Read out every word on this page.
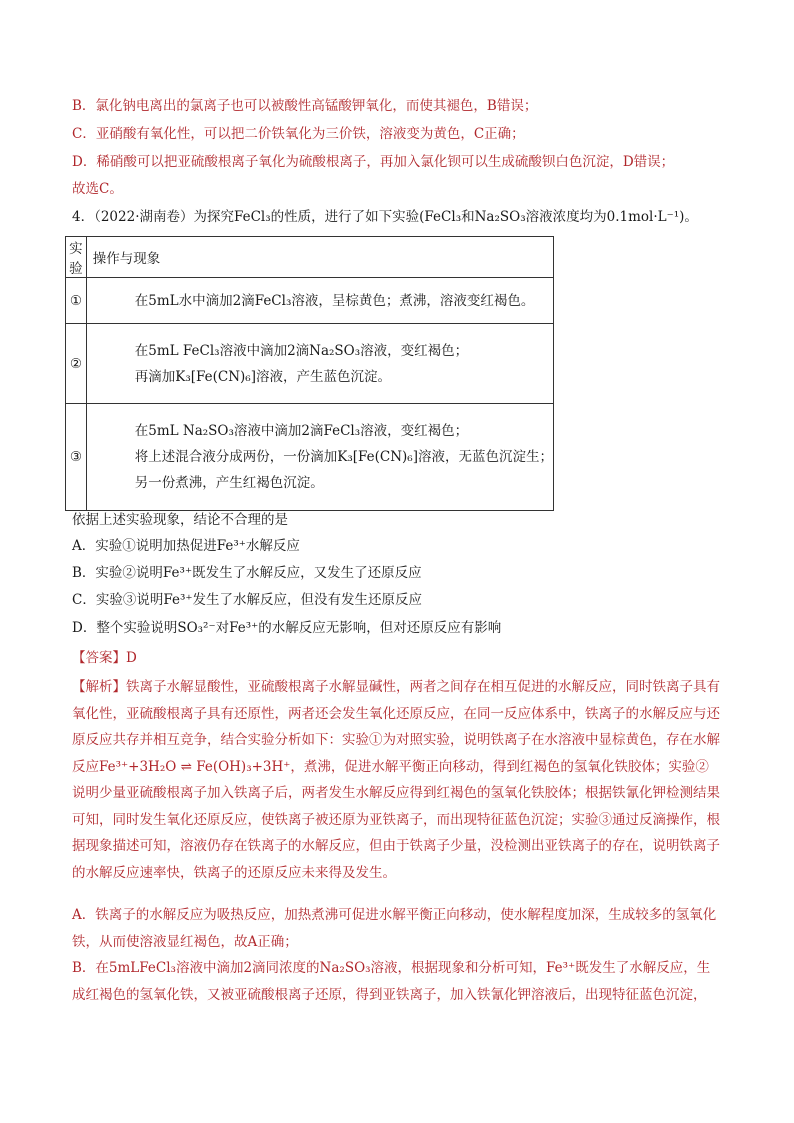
B．氯化钠电离出的氯离子也可以被酸性高锰酸钾氧化，而使其褪色，B错误；
C．亚硝酸有氧化性，可以把二价铁氧化为三价铁，溶液变为黄色，C正确；
D．稀硝酸可以把亚硫酸根离子氧化为硫酸根离子，再加入氯化钡可以生成硫酸钡白色沉淀，D错误；
故选C。
4．（2022·湖南卷）为探究FeCl₃的性质，进行了如下实验(FeCl₃和Na₂SO₃溶液浓度均为0.1mol·L⁻¹)。
实验	操作与现象
①	在5mL水中滴加2滴FeCl₃溶液，呈棕黄色；煮沸，溶液变红褐色。

②	在5mL FeCl₃溶液中滴加2滴Na₂SO₃溶液，变红褐色；
再滴加K₃[Fe(CN)₆]溶液，产生蓝色沉淀。

③	在5mL Na₂SO₃溶液中滴加2滴FeCl₃溶液，变红褐色；
将上述混合液分成两份，一份滴加K₃[Fe(CN)₆]溶液，无蓝色沉淀生；
另一份煮沸，产生红褐色沉淀。
依据上述实验现象，结论不合理的是
A．实验①说明加热促进Fe³⁺水解反应
B．实验②说明Fe³⁺既发生了水解反应，又发生了还原反应
C．实验③说明Fe³⁺发生了水解反应，但没有发生还原反应
D．整个实验说明SO₃²⁻对Fe³⁺的水解反应无影响，但对还原反应有影响
【答案】D
【解析】铁离子水解显酸性，亚硫酸根离子水解显碱性，两者之间存在相互促进的水解反应，同时铁离子具有氧化性，亚硫酸根离子具有还原性，两者还会发生氧化还原反应，在同一反应体系中，铁离子的水解反应与还原反应共存并相互竞争，结合实验分析如下：实验①为对照实验，说明铁离子在水溶液中显棕黄色，存在水解反应Fe³⁺+3H₂O ⇌ Fe(OH)₃+3H⁺，煮沸，促进水解平衡正向移动，得到红褐色的氢氧化铁胶体；实验②说明少量亚硫酸根离子加入铁离子后，两者发生水解反应得到红褐色的氢氧化铁胶体；根据铁氰化钾检测结果可知，同时发生氧化还原反应，使铁离子被还原为亚铁离子，而出现特征蓝色沉淀；实验③通过反滴操作，根据现象描述可知，溶液仍存在铁离子的水解反应，但由于铁离子少量，没检测出亚铁离子的存在，说明铁离子的水解反应速率快，铁离子的还原反应未来得及发生。
A．铁离子的水解反应为吸热反应，加热煮沸可促进水解平衡正向移动，使水解程度加深，生成较多的氢氧化铁，从而使溶液显红褐色，故A正确；
B．在5mLFeCl₃溶液中滴加2滴同浓度的Na₂SO₃溶液，根据现象和分析可知，Fe³⁺既发生了水解反应，生成红褐色的氢氧化铁，又被亚硫酸根离子还原，得到亚铁离子，加入铁氰化钾溶液后，出现特征蓝色沉淀，
